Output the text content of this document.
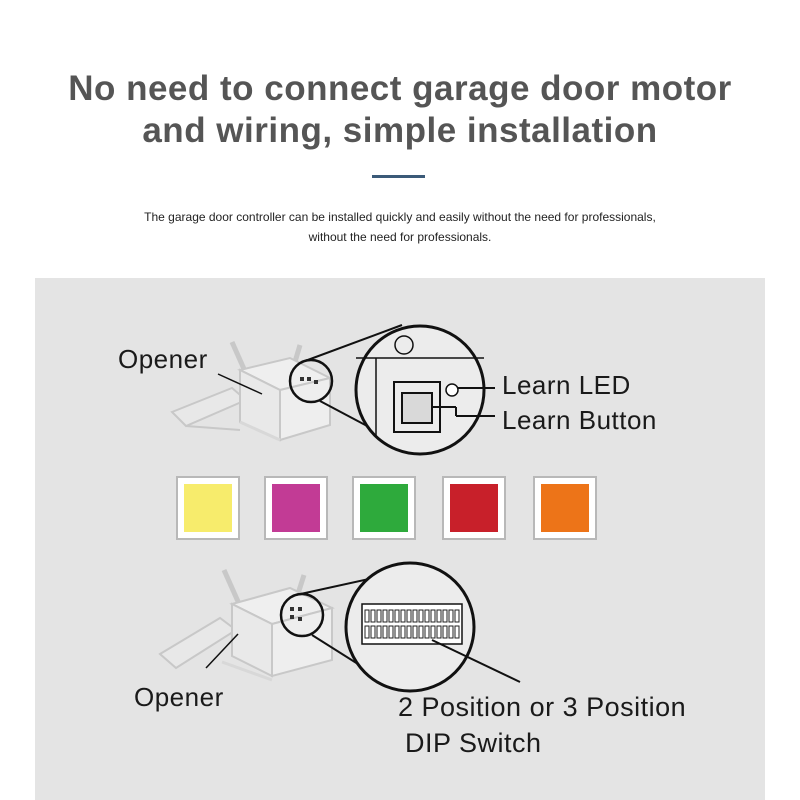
No need to connect garage door motor
and wiring, simple installation
The garage door controller can be installed quickly and easily without the need for professionals,
without the need for professionals.
Opener
Learn LED
Learn Button
Opener	2 Position or 3 Position
DIP Switch
